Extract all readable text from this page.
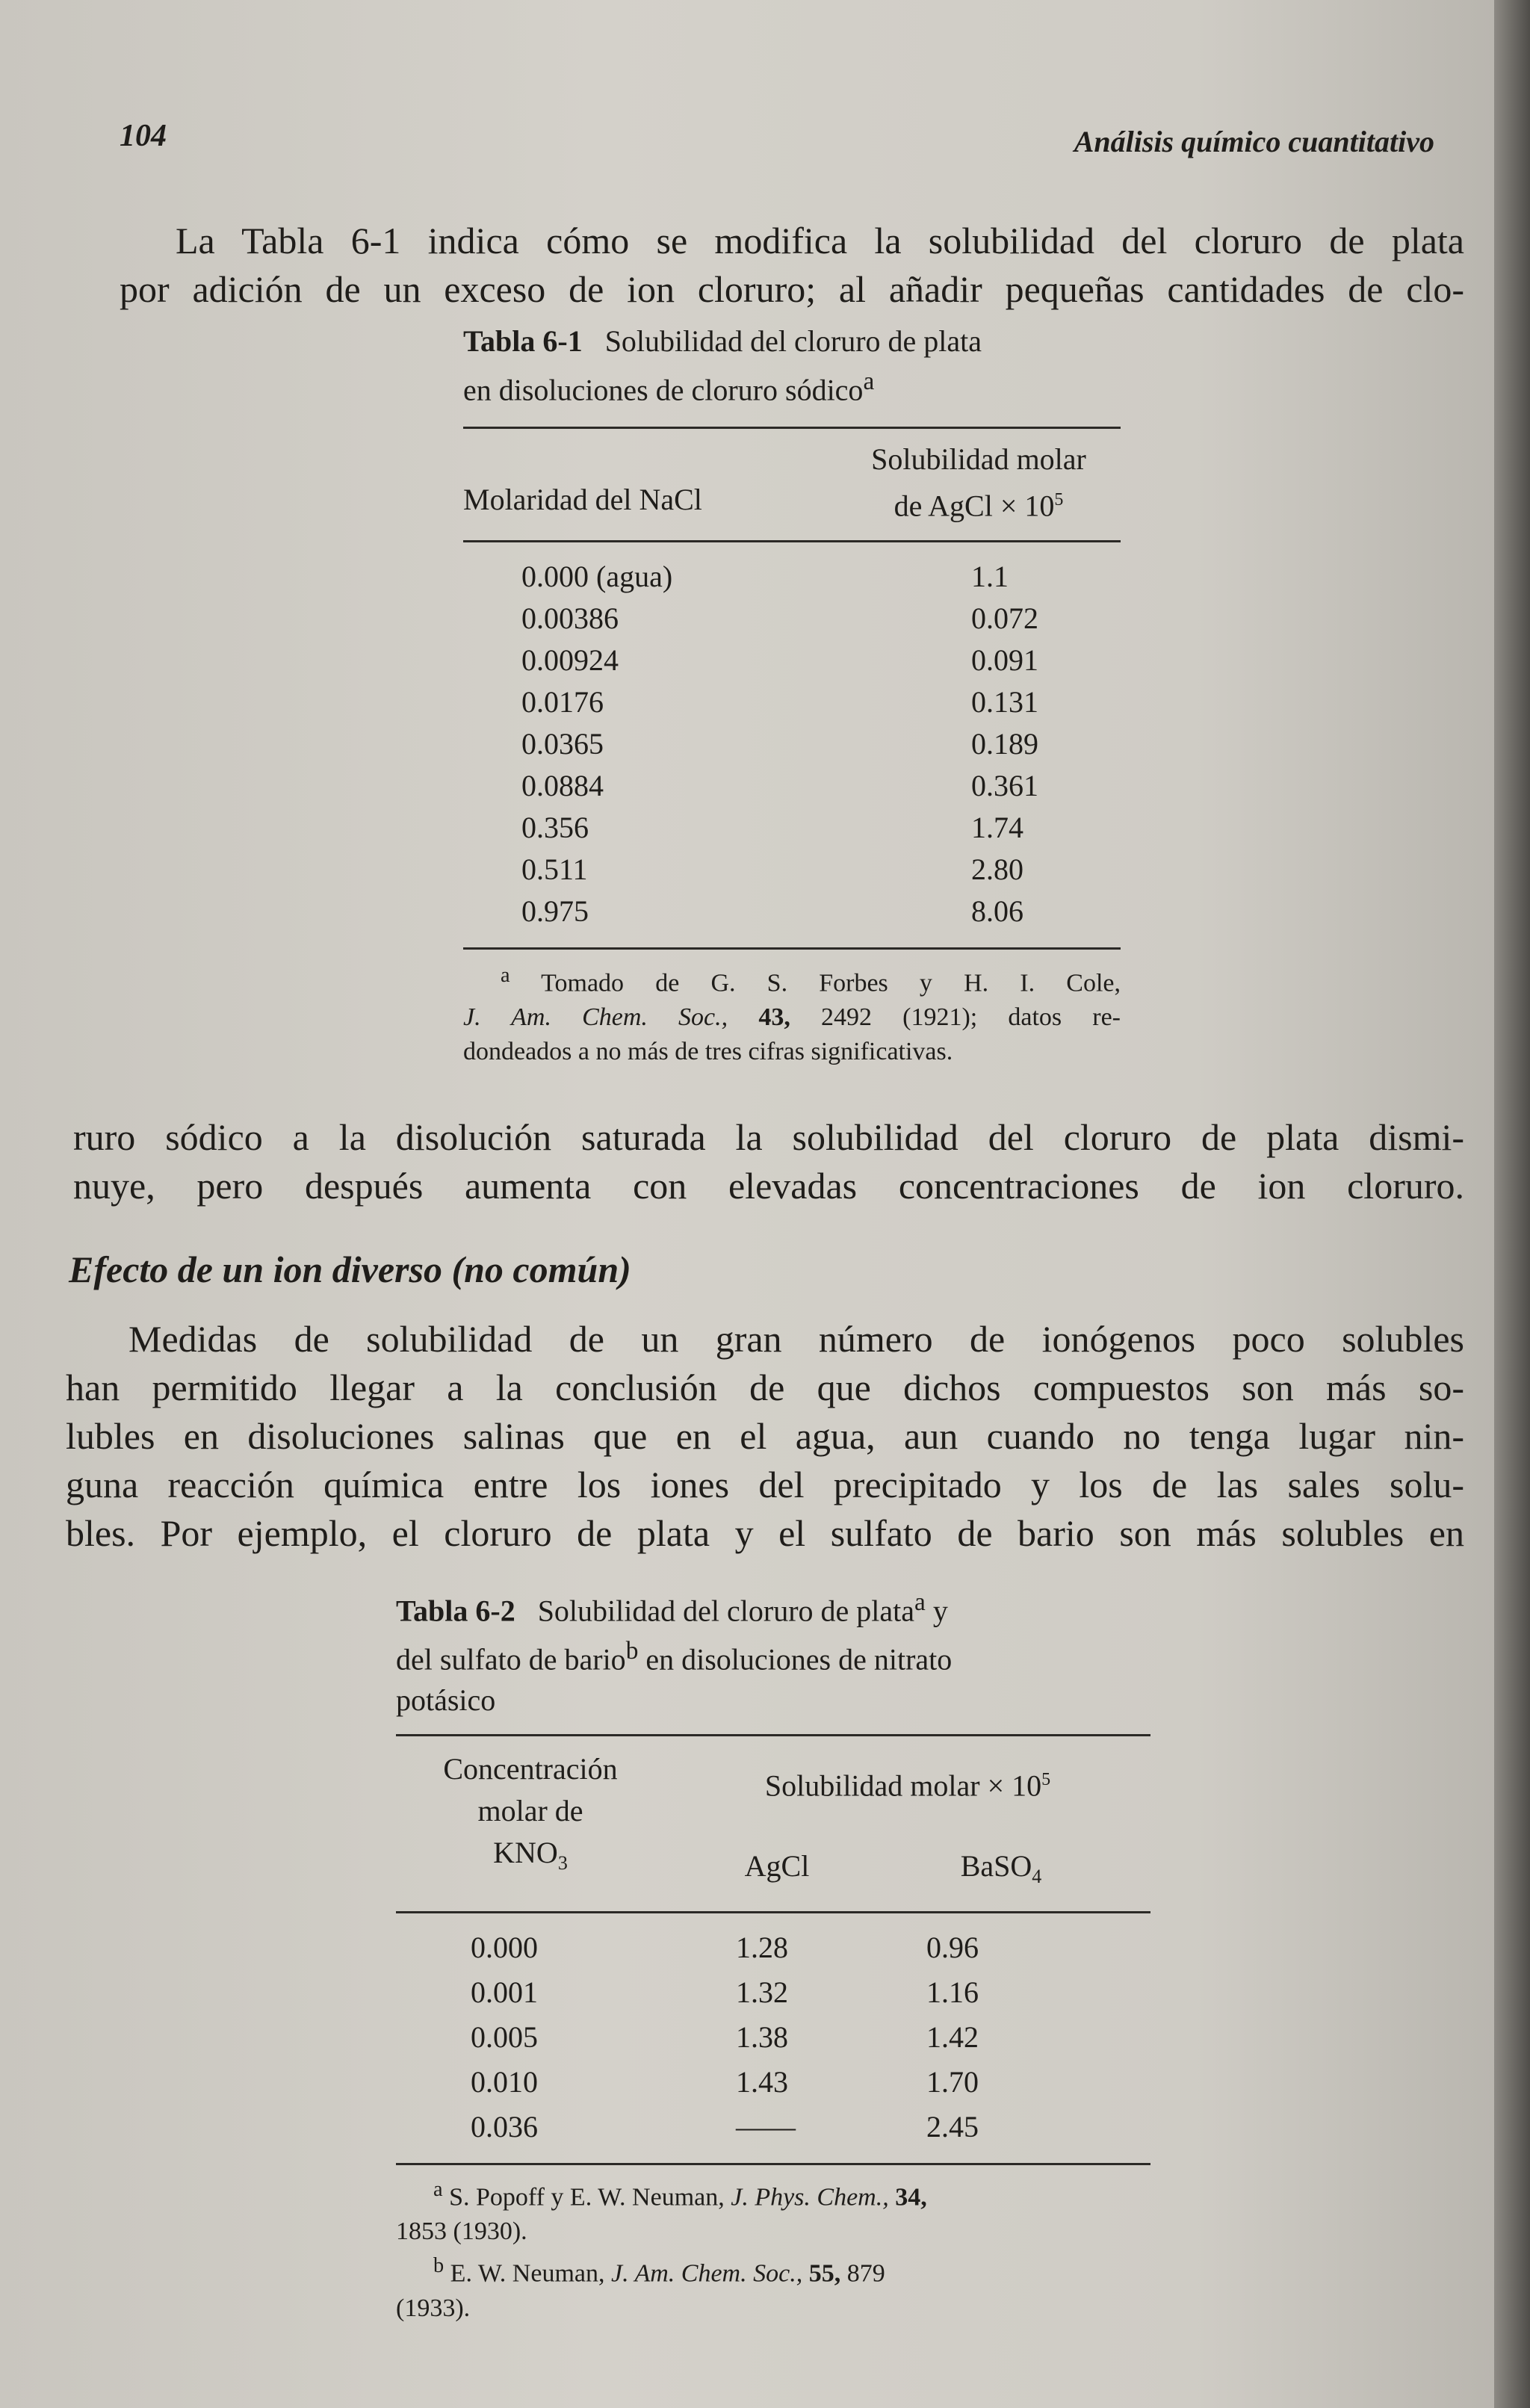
104	Análisis químico cuantitativo
La Tabla 6-1 indica cómo se modifica la solubilidad del cloruro de plata
por adición de un exceso de ion cloruro; al añadir pequeñas cantidades de clo-
Tabla 6-1 Solubilidad del cloruro de plata
en disoluciones de cloruro sódico$^a$
Molaridad del NaCl
Solubilidad molar
de AgCl × $10^5$
0.000 (agua)	1.1
0.00386	0.072
0.00924	0.091
0.0176	0.131
0.0365	0.189
0.0884	0.361
0.356	1.74
0.511	2.80
0.975	8.06
$^a$ Tomado de G. S. Forbes y H. I. Cole,
J. Am. Chem. Soc., 43, 2492 (1921); datos re-
dondeados a no más de tres cifras significativas.
ruro sódico a la disolución saturada la solubilidad del cloruro de plata dismi-
nuye, pero después aumenta con elevadas concentraciones de ion cloruro.
Efecto de un ion diverso (no común)
Medidas de solubilidad de un gran número de ionógenos poco solubles
han permitido llegar a la conclusión de que dichos compuestos son más so-
lubles en disoluciones salinas que en el agua, aun cuando no tenga lugar nin-
guna reacción química entre los iones del precipitado y los de las sales solu-
bles. Por ejemplo, el cloruro de plata y el sulfato de bario son más solubles en
Tabla 6-2 Solubilidad del cloruro de plata$^a$ y
del sulfato de bario$^b$ en disoluciones de nitrato
potásico
Concentración
molar de
$KNO_3$
Solubilidad molar × $10^5$
AgCl	BaSO$_4$
0.000	1.28	0.96
0.001	1.32	1.16
0.005	1.38	1.42
0.010	1.43	1.70
0.036	——	2.45
$^a$ S. Popoff y E. W. Neuman, J. Phys. Chem., 34,
1853 (1930).
$^b$ E. W. Neuman, J. Am. Chem. Soc., 55, 879
(1933).
